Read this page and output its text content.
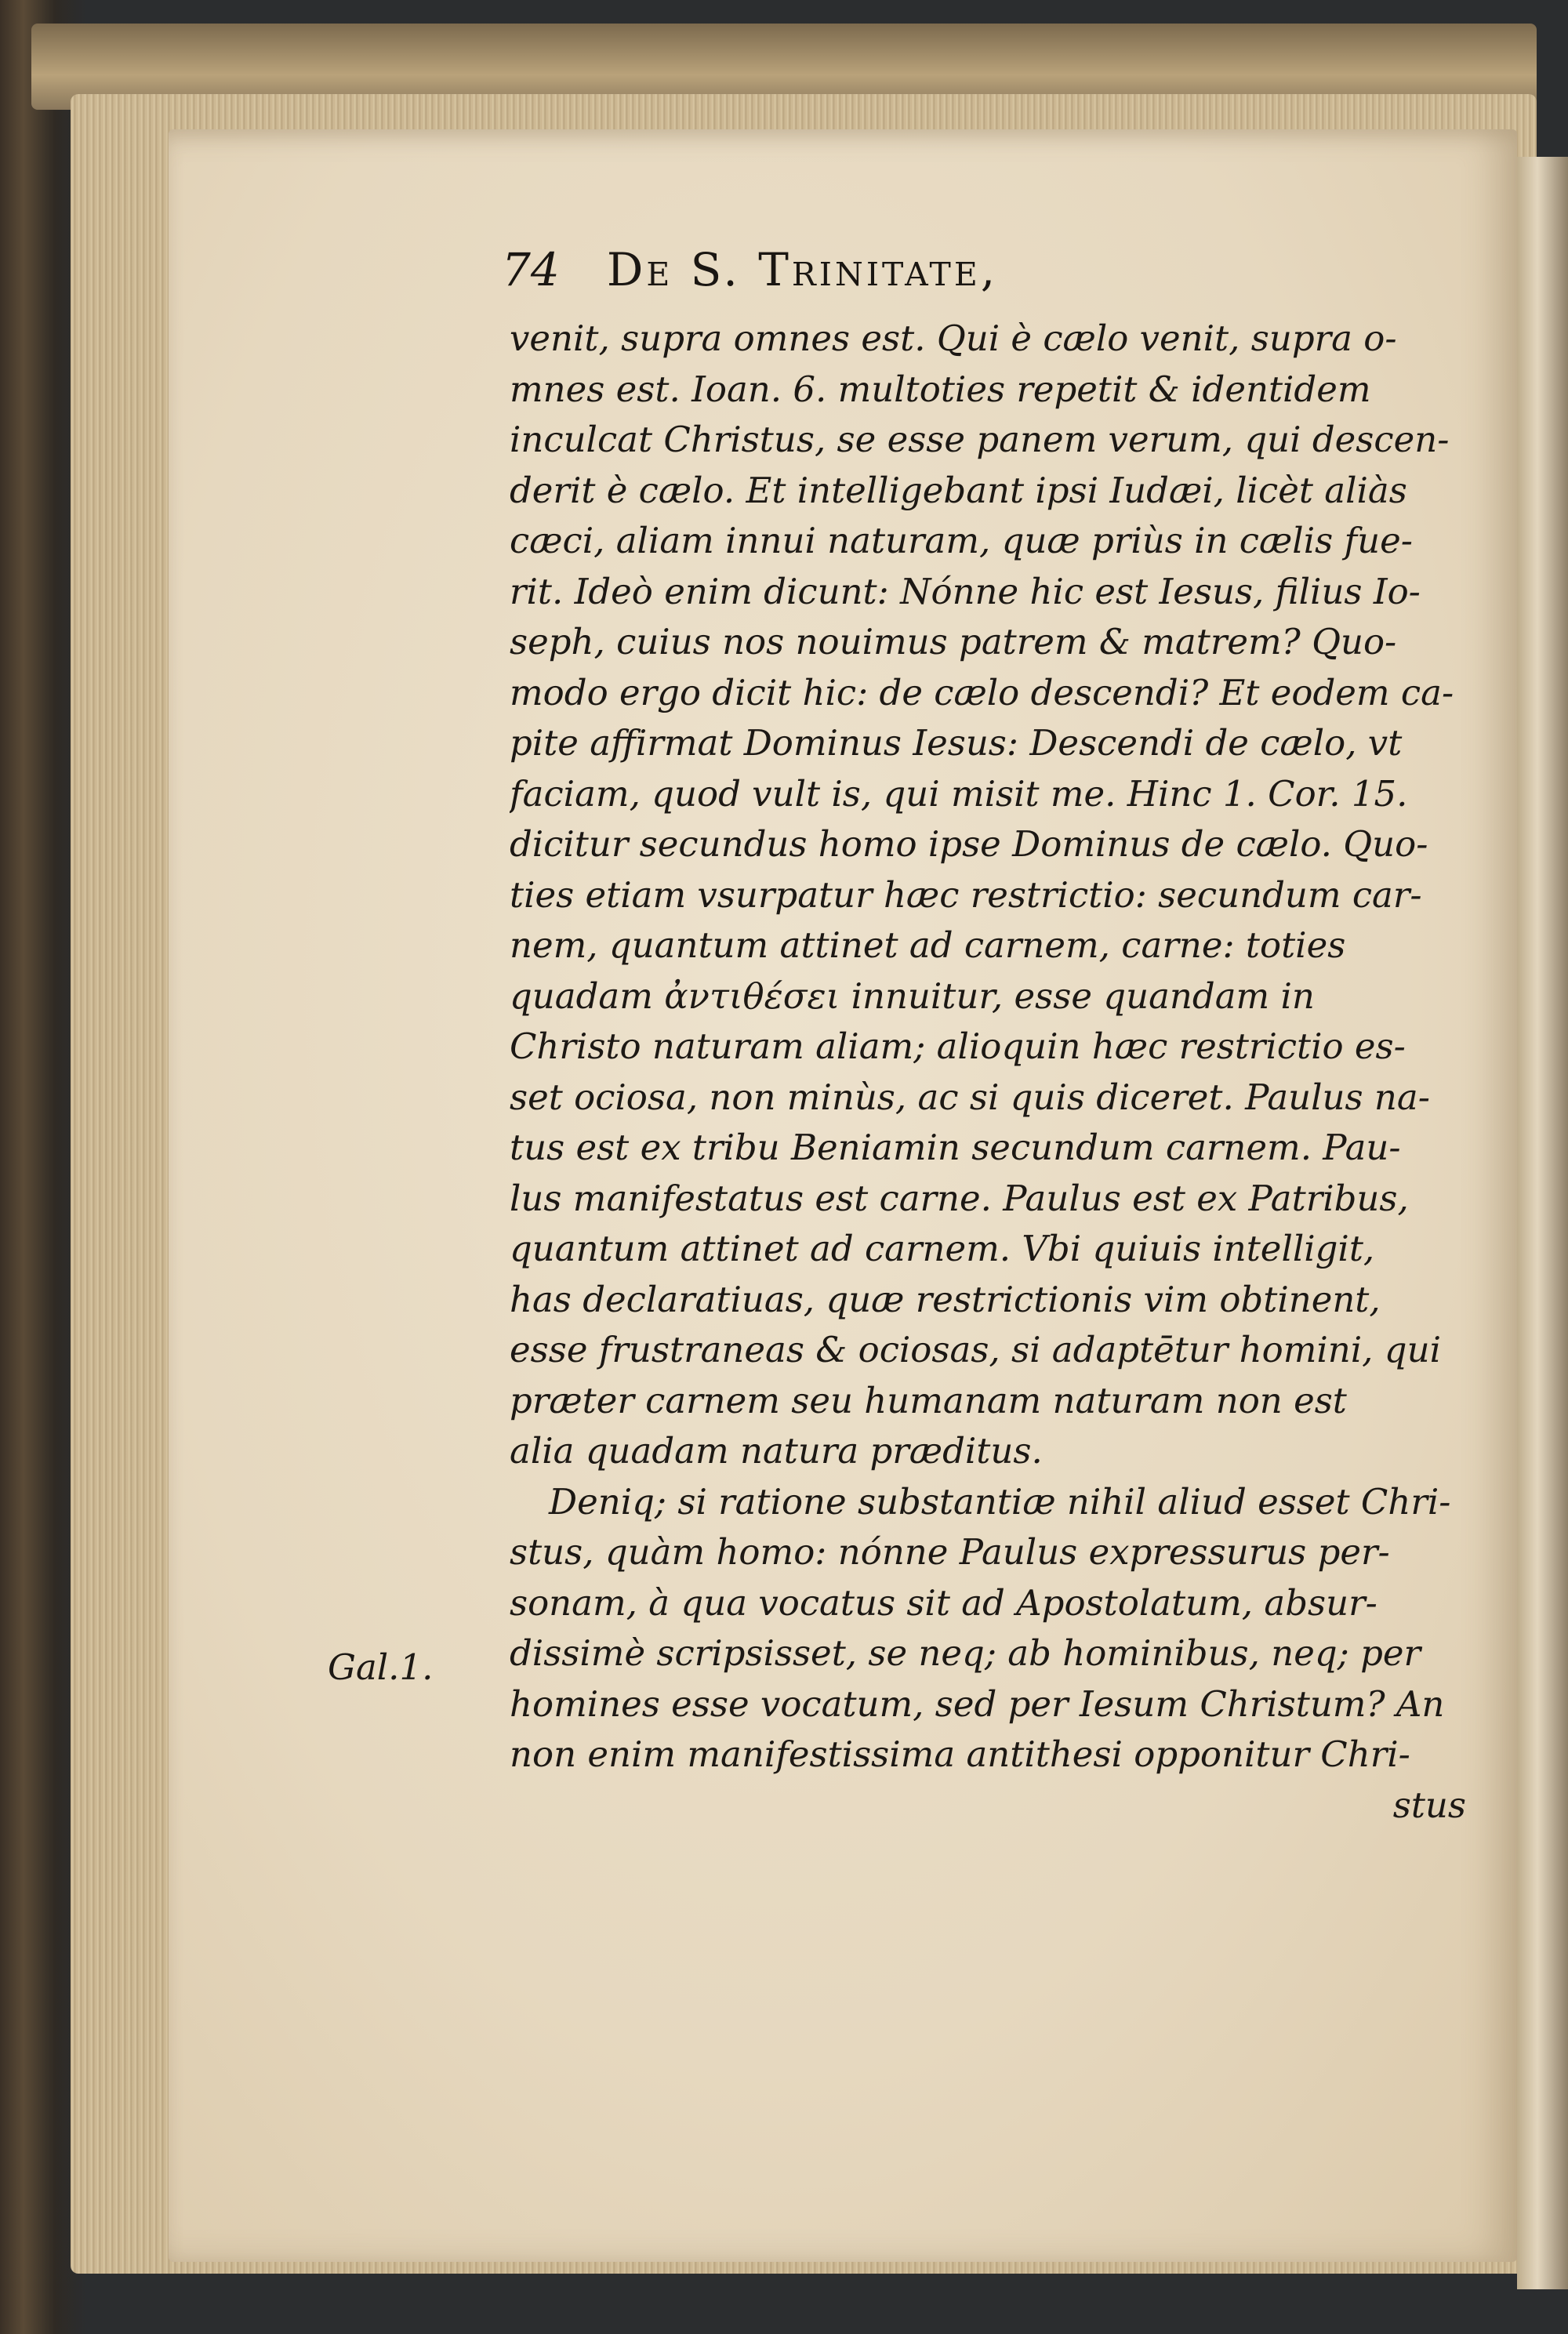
74 De S. Trinitate,
Gal.1.
venit, supra omnes est. Qui è cælo venit, supra o-
mnes est. Ioan. 6. multoties repetit & identidem
inculcat Christus, se esse panem verum, qui descen-
derit è cælo. Et intelligebant ipsi Iudæi, licèt aliàs
cæci, aliam innui naturam, quæ priùs in cælis fue-
rit. Ideò enim dicunt: Nónne hic est Iesus, filius Io-
seph, cuius nos nouimus patrem & matrem? Quo-
modo ergo dicit hic: de cælo descendi? Et eodem ca-
pite affirmat Dominus Iesus: Descendi de cælo, vt
faciam, quod vult is, qui misit me. Hinc 1. Cor. 15.
dicitur secundus homo ipse Dominus de cælo. Quo-
ties etiam vsurpatur hæc restrictio: secundum car-
nem, quantum attinet ad carnem, carne: toties
quadam ἀντιθέσει innuitur, esse quandam in
Christo naturam aliam; alioquin hæc restrictio es-
set ociosa, non minùs, ac si quis diceret. Paulus na-
tus est ex tribu Beniamin secundum carnem. Pau-
lus manifestatus est carne. Paulus est ex Patribus,
quantum attinet ad carnem. Vbi quiuis intelligit,
has declaratiuas, quæ restrictionis vim obtinent,
esse frustraneas & ociosas, si adaptētur homini, qui
præter carnem seu humanam naturam non est
alia quadam natura præditus.
Deniq; si ratione substantiæ nihil aliud esset Chri-
stus, quàm homo: nónne Paulus expressurus per-
sonam, à qua vocatus sit ad Apostolatum, absur-
dissimè scripsisset, se neq; ab hominibus, neq; per
homines esse vocatum, sed per Iesum Christum? An
non enim manifestissima antithesi opponitur Chri-
stus
